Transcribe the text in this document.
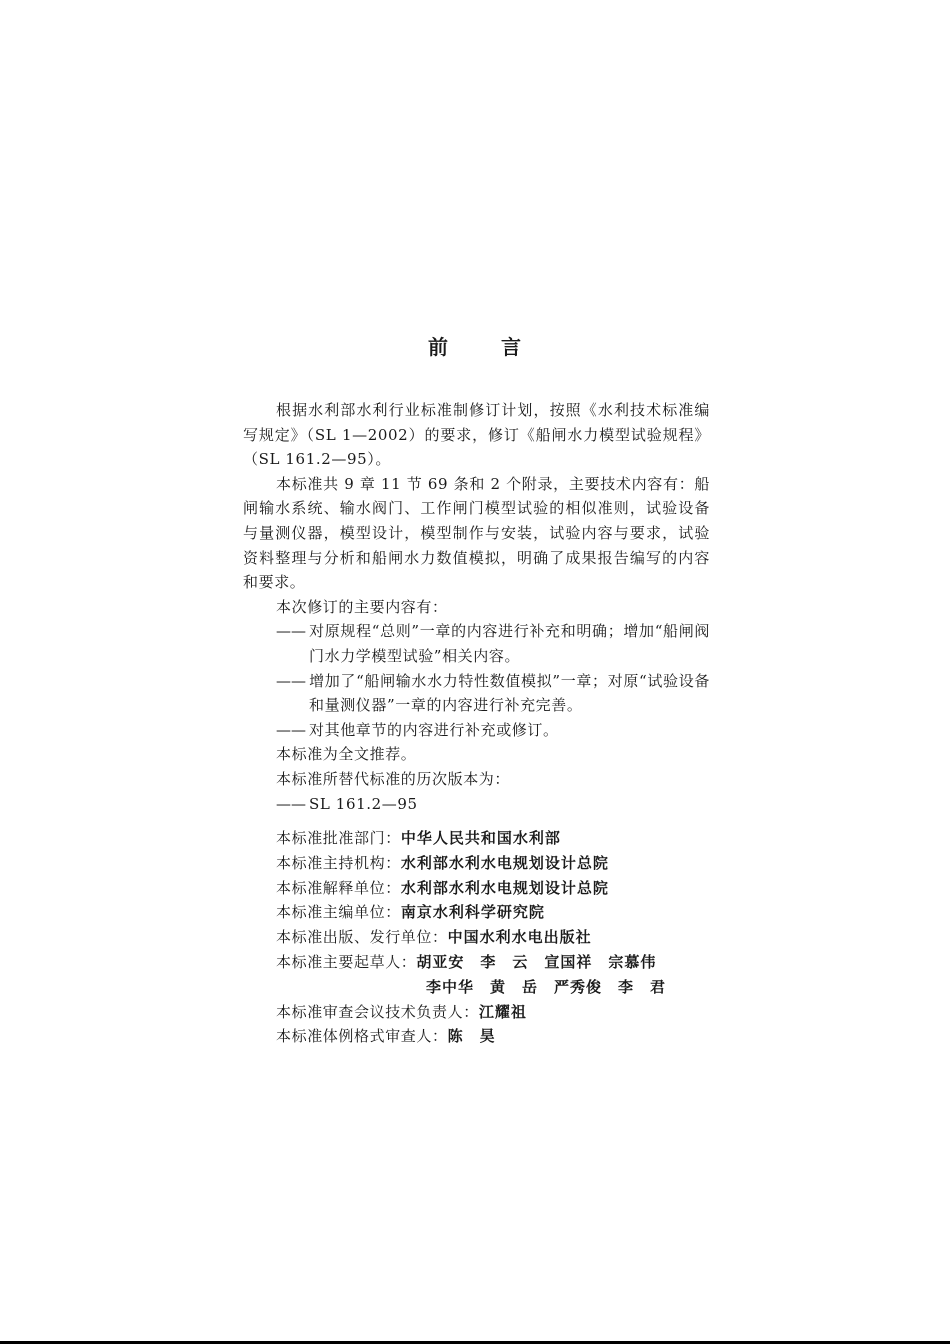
前	言

根据水利部水利行业标准制修订计划，按照《水利技术标准编写规定》（SL 1—2002）的要求，修订《船闸水力模型试验规程》（SL 161.2—95）。

本标准共 9 章 11 节 69 条和 2 个附录，主要技术内容有：船闸输水系统、输水阀门、工作闸门模型试验的相似准则，试验设备与量测仪器，模型设计，模型制作与安装，试验内容与要求，试验资料整理与分析和船闸水力数值模拟，明确了成果报告编写的内容和要求。

本次修订的主要内容有：

—— 对原规程“总则”一章的内容进行补充和明确；增加“船闸阀门水力学模型试验”相关内容。

—— 增加了“船闸输水水力特性数值模拟”一章；对原“试验设备和量测仪器”一章的内容进行补充完善。

—— 对其他章节的内容进行补充或修订。

本标准为全文推荐。

本标准所替代标准的历次版本为：

—— SL 161.2—95

本标准批准部门：中华人民共和国水利部
本标准主持机构：水利部水利水电规划设计总院
本标准解释单位：水利部水利水电规划设计总院
本标准主编单位：南京水利科学研究院
本标准出版、发行单位：中国水利水电出版社
本标准主要起草人：胡亚安　李　云　宣国祥　宗慕伟
李中华　黄　岳　严秀俊　李　君
本标准审查会议技术负责人：江耀祖
本标准体例格式审查人：陈　昊
